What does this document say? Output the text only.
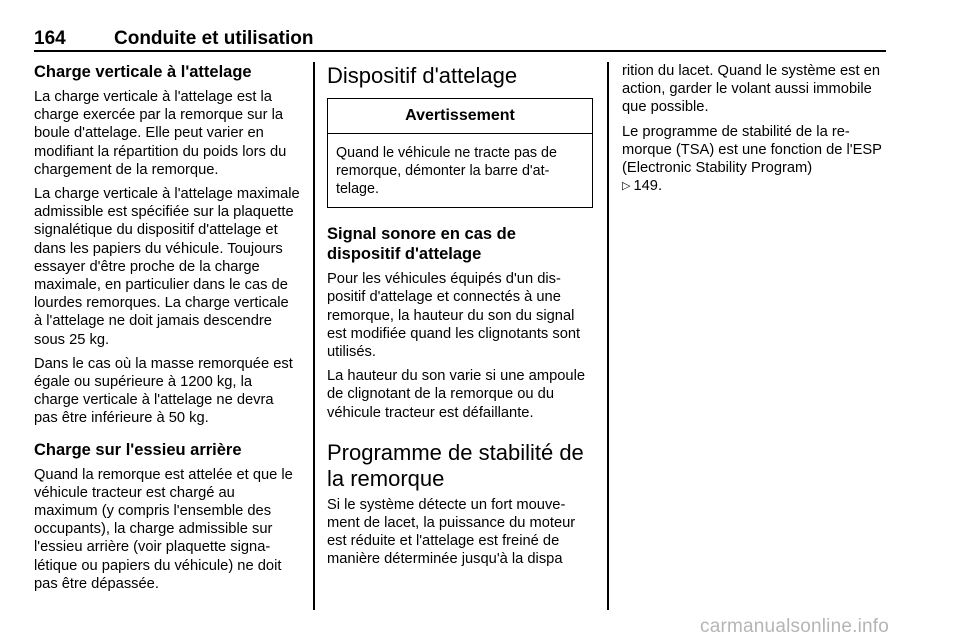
164	Conduite et utilisation
Charge verticale à l'attelage

La charge verticale à l'attelage est la charge exercée par la remorque sur la boule d'attelage. Elle peut varier en modifiant la répartition du poids lors du chargement de la remorque.

La charge verticale à l'attelage maximale admissible est spécifiée sur la plaquette signalétique du dispositif d'attelage et dans les papiers du véhicule. Toujours essayer d'être proche de la charge maximale, en particulier dans le cas de lourdes remorques. La charge verticale à l'attelage ne doit jamais descendre sous 25 kg.

Dans le cas où la masse remorquée est égale ou supérieure à 1200 kg, la charge verticale à l'attelage ne devra pas être inférieure à 50 kg.

Charge sur l'essieu arrière

Quand la remorque est attelée et que le véhicule tracteur est chargé au maximum (y compris l'ensemble des occupants), la charge admissible sur l'essieu arrière (voir plaquette signalétique ou papiers du véhicule) ne doit pas être dépassée.

Dispositif d'attelage
Avertissement
Quand le véhicule ne tracte pas de remorque, démonter la barre d'attelage.
Signal sonore en cas de dispositif d'attelage

Pour les véhicules équipés d'un dispositif d'attelage et connectés à une remorque, la hauteur du son du signal est modifiée quand les clignotants sont utilisés.

La hauteur du son varie si une ampoule de clignotant de la remorque ou du véhicule tracteur est défaillante.

Programme de stabilité de la remorque

Si le système détecte un fort mouvement de lacet, la puissance du moteur est réduite et l'attelage est freiné de manière déterminée jusqu'à la dispa

rition du lacet. Quand le système est en action, garder le volant aussi immobile que possible.

Le programme de stabilité de la remorque (TSA) est une fonction de l'ESP (Electronic Stability Program)
▷ 149.

carmanualsonline.info
